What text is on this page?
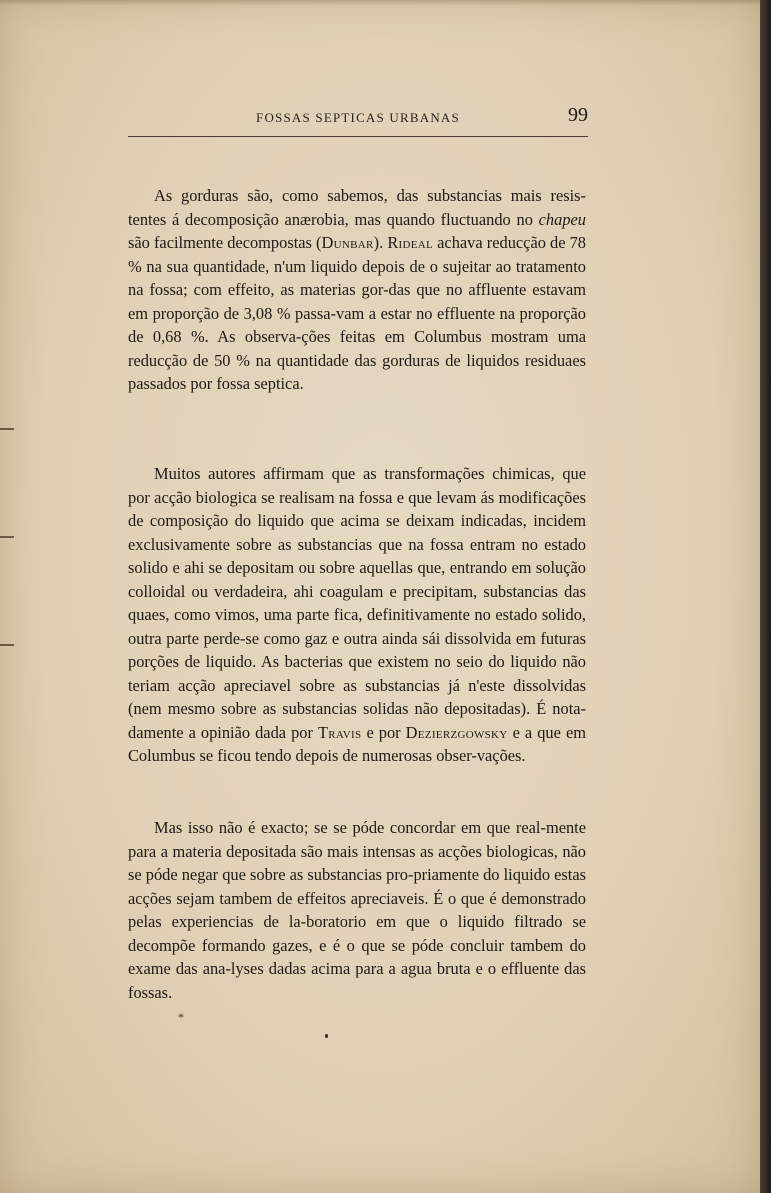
FOSSAS SEPTICAS URBANAS	99

As gorduras são, como sabemos, das substancias mais resis-tentes á decomposição anærobia, mas quando fluctuando no chapeu são facilmente decompostas (Dunbar). Rideal achava reducção de 78 % na sua quantidade, n'um liquido depois de o sujeitar ao tratamento na fossa; com effeito, as materias gor-das que no affluente estavam em proporção de 3,08 % passa-vam a estar no effluente na proporção de 0,68 %. As observa-ções feitas em Columbus mostram uma reducção de 50 % na quantidade das gorduras de liquidos residuaes passados por fossa septica.

Muitos autores affirmam que as transformações chimicas, que por acção biologica se realisam na fossa e que levam ás modificações de composição do liquido que acima se deixam indicadas, incidem exclusivamente sobre as substancias que na fossa entram no estado solido e ahi se depositam ou sobre aquellas que, entrando em solução colloidal ou verdadeira, ahi coagulam e precipitam, substancias das quaes, como vimos, uma parte fica, definitivamente no estado solido, outra parte perde-se como gaz e outra ainda sái dissolvida em futuras porções de liquido. As bacterias que existem no seio do liquido não teriam acção apreciavel sobre as substancias já n'este dissolvidas (nem mesmo sobre as substancias solidas não depositadas). É nota-damente a opinião dada por Travis e por Dezierzgowsky e a que em Columbus se ficou tendo depois de numerosas obser-vações.

Mas isso não é exacto; se se póde concordar em que real-mente para a materia depositada são mais intensas as acções biologicas, não se póde negar que sobre as substancias pro-priamente do liquido estas acções sejam tambem de effeitos apreciaveis. É o que é demonstrado pelas experiencias de la-boratorio em que o liquido filtrado se decompõe formando gazes, e é o que se póde concluir tambem do exame das ana-lyses dadas acima para a agua bruta e o effluente das fossas.

*
